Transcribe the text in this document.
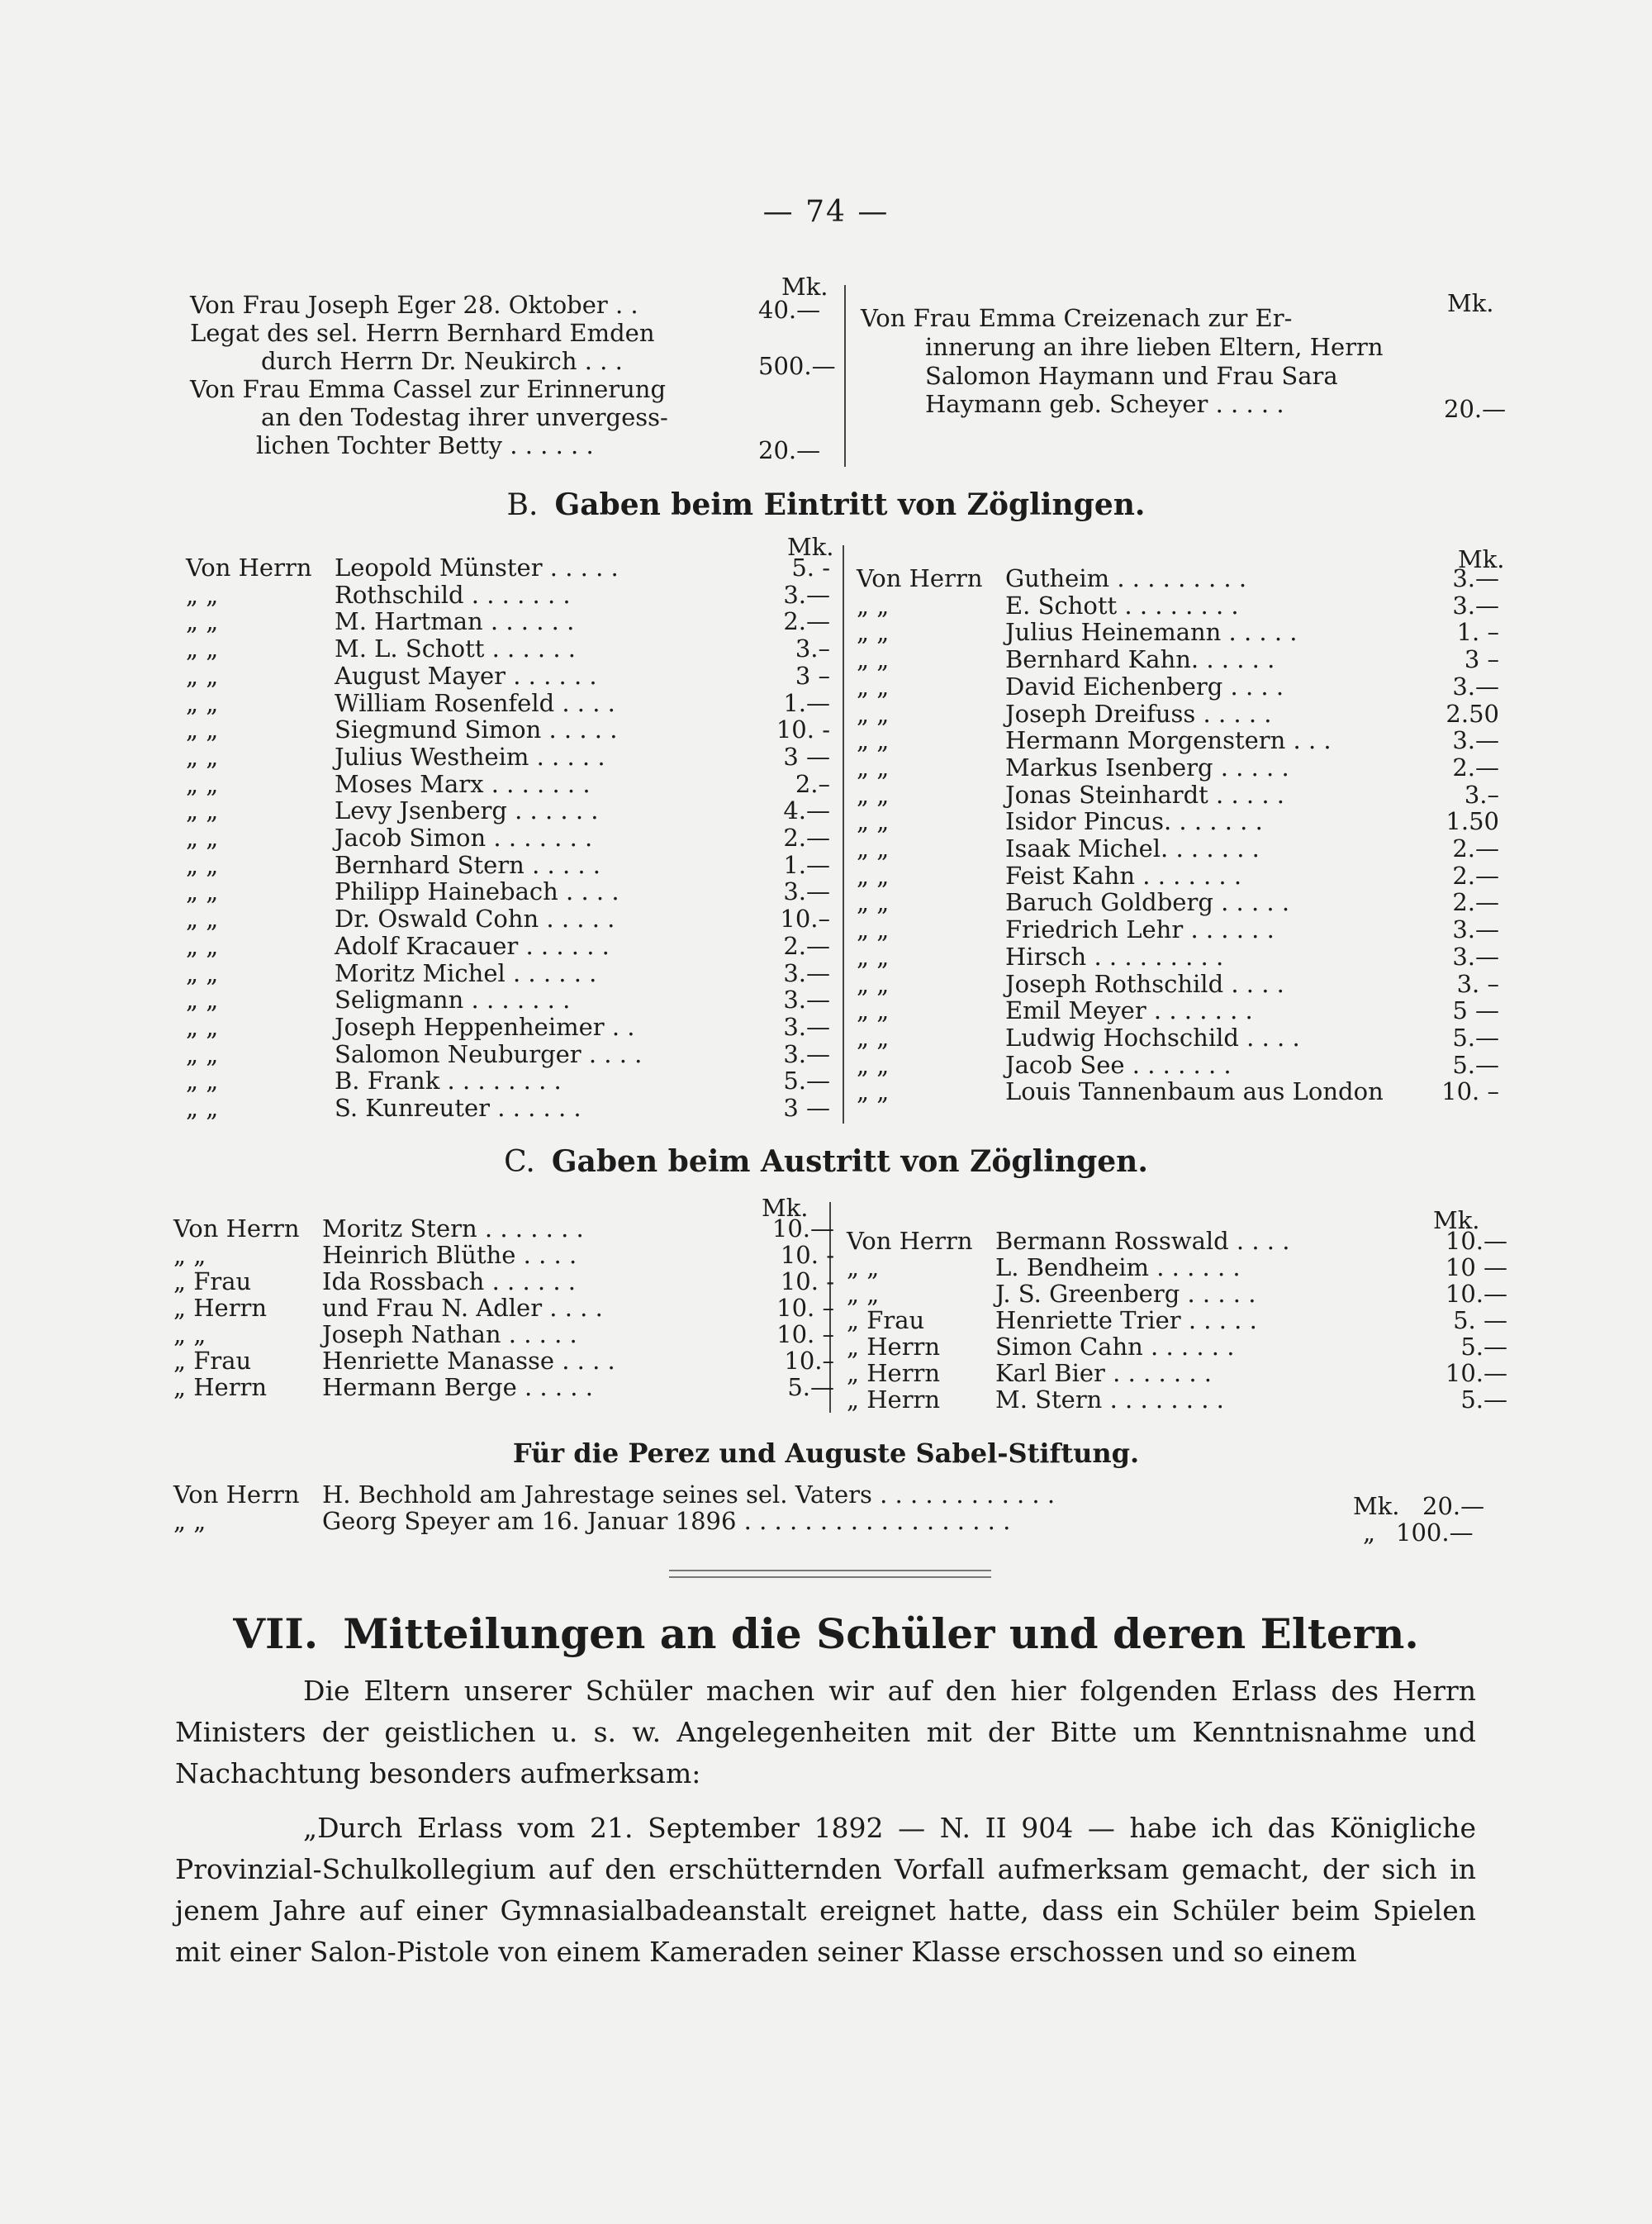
— 74 —
Mk.
Mk.
Von Frau Joseph Eger 28. Oktober . .	40.—
Legat des sel. Herrn Bernhard Emden
durch Herrn Dr. Neukirch . . .	500.—
Von Frau Emma Cassel zur Erinnerung
an den Todestag ihrer unvergess-
lichen Tochter Betty . . . . . .	20.—
Von Frau Emma Creizenach zur Er-
innerung an ihre lieben Eltern, Herrn
Salomon Haymann und Frau Sara
Haymann geb. Scheyer . . . . .	20.—
B. Gaben beim Eintritt von Zöglingen.
Mk.	Mk.
Von Herrn Leopold Münster . . . . .	5. -
„ „	Rothschild . . . . . . .	3.—
„ „	M. Hartman . . . . . .	2.—
„ „	M. L. Schott . . . . . .	3.–
„ „	August Mayer . . . . . .	3 –
„ „	William Rosenfeld . . . .	1.—
„ „	Siegmund Simon . . . . .	10. -
„ „	Julius Westheim . . . . .	3 —
„ „	Moses Marx . . . . . . .	2.–
„ „	Levy Jsenberg . . . . . .	4.—
„ „	Jacob Simon . . . . . . .	2.—
„ „	Bernhard Stern . . . . .	1.—
„ „	Philipp Hainebach . . . .	3.—
„ „	Dr. Oswald Cohn . . . . .	10.–
„ „	Adolf Kracauer . . . . . .	2.—
„ „	Moritz Michel . . . . . .	3.—
„ „	Seligmann . . . . . . .	3.—
„ „	Joseph Heppenheimer . .	3.—
„ „	Salomon Neuburger . . . .	3.—
„ „	B. Frank . . . . . . . .	5.—
„ „	S. Kunreuter . . . . . .	3 —
Von Herrn Gutheim . . . . . . . . .	3.—
„ „	E. Schott . . . . . . . .	3.—
„ „	Julius Heinemann . . . . .	1. –
„ „	Bernhard Kahn. . . . . .	3 –
„ „	David Eichenberg . . . .	3.—
„ „	Joseph Dreifuss . . . . .	2.50
„ „	Hermann Morgenstern . . .	3.—
„ „	Markus Isenberg . . . . .	2.—
„ „	Jonas Steinhardt . . . . .	3.–
„ „	Isidor Pincus. . . . . . .	1.50
„ „	Isaak Michel. . . . . . .	2.—
„ „	Feist Kahn . . . . . . .	2.—
„ „	Baruch Goldberg . . . . .	2.—
„ „	Friedrich Lehr . . . . . .	3.—
„ „	Hirsch . . . . . . . . .	3.—
„ „	Joseph Rothschild . . . .	3. –
„ „	Emil Meyer . . . . . . .	5 —
„ „	Ludwig Hochschild . . . .	5.—
„ „	Jacob See . . . . . . .	5.—
„ „	Louis Tannenbaum aus London	10. –
C. Gaben beim Austritt von Zöglingen.
Mk.	Mk.
Von Herrn Moritz Stern . . . . . . .	10.—
„ „	Heinrich Blüthe . . . .	10. -
„ Frau	Ida Rossbach . . . . . .	10. -
„ Herrn und Frau N. Adler . . . .	10. –
„ „	Joseph Nathan . . . . .	10. –
„ Frau	Henriette Manasse . . . .	10.–
„ Herrn Hermann Berge . . . . .	5.—
Von Herrn Bermann Rosswald . . . .	10.—
„ „	L. Bendheim . . . . . .	10 —
„ „	J. S. Greenberg . . . . .	10.—
„ Frau	Henriette Trier . . . . .	5. —
„ Herrn Simon Cahn . . . . . .	5.—
„ Herrn Karl Bier . . . . . . .	10.—
„ Herrn M. Stern . . . . . . . .	5.—
Für die Perez und Auguste Sabel-Stiftung.
Von Herrn H. Bechhold am Jahrestage seines sel. Vaters . . . . . . . . . . . .	Mk. 20.—
„ „	Georg Speyer am 16. Januar 1896 . . . . . . . . . . . . . . . . . .	„ 100.—
VII. Mitteilungen an die Schüler und deren Eltern.

Die Eltern unserer Schüler machen wir auf den hier folgenden Erlass des Herrn Ministers der geistlichen u. s. w. Angelegenheiten mit der Bitte um Kenntnisnahme und Nachachtung besonders aufmerksam:

„Durch Erlass vom 21. September 1892 — N. II 904 — habe ich das Königliche Provinzial-Schulkollegium auf den erschütternden Vorfall aufmerksam gemacht, der sich in jenem Jahre auf einer Gymnasialbadeanstalt ereignet hatte, dass ein Schüler beim Spielen mit einer Salon-Pistole von einem Kameraden seiner Klasse erschossen und so einem
